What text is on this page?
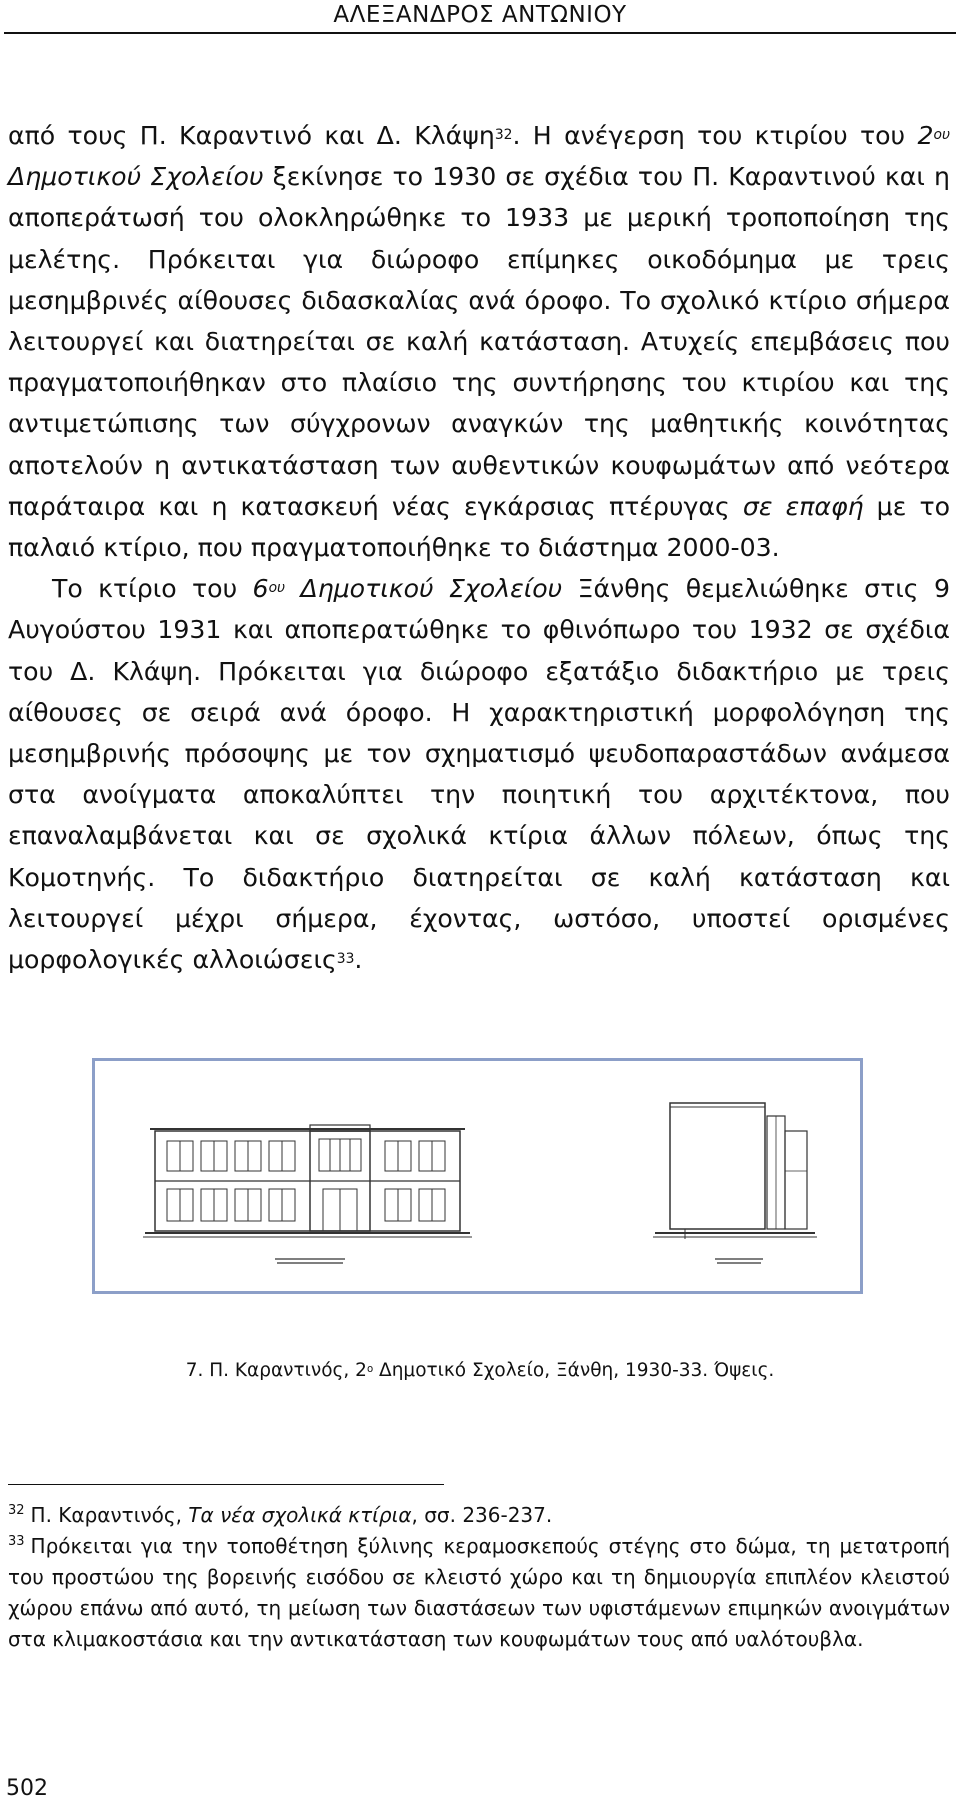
ΑΛΕΞΑΝΔΡΟΣ ΑΝΤΩΝΙΟΥ

από τους Π. Καραντινό και Δ. Κλάψη$^{32}$. Η ανέγερση του κτιρίου του $2^{o\upsilon}$ Δημοτικού Σχολείου ξεκίνησε το 1930 σε σχέδια του Π. Καραντινού και η αποπεράτωσή του ολοκληρώθηκε το 1933 με μερική τροποποίηση της μελέτης. Πρόκειται για διώροφο επίμηκες οικοδόμημα με τρεις μεσημβρινές αίθουσες διδασκαλίας ανά όροφο. Το σχολικό κτίριο σήμερα λειτουργεί και διατηρείται σε καλή κατάσταση. Ατυχείς επεμβάσεις που πραγματοποιήθηκαν στο πλαίσιο της συντήρησης του κτιρίου και της αντιμετώπισης των σύγχρονων αναγκών της μαθητικής κοινότητας αποτελούν η αντικατάσταση των αυθεντικών κουφωμάτων από νεότερα παράταιρα και η κατασκευή νέας εγκάρσιας πτέρυγας σε επαφή με το παλαιό κτίριο, που πραγματοποιήθηκε το διάστημα 2000-03.

Το κτίριο του $6^{o\upsilon}$ Δημοτικού Σχολείου Ξάνθης θεμελιώθηκε στις 9 Αυγούστου 1931 και αποπερατώθηκε το φθινόπωρο του 1932 σε σχέδια του Δ. Κλάψη. Πρόκειται για διώροφο εξατάξιο διδακτήριο με τρεις αίθουσες σε σειρά ανά όροφο. Η χαρακτηριστική μορφολόγηση της μεσημβρινής πρόσοψης με τον σχηματισμό ψευδοπαραστάδων ανάμεσα στα ανοίγματα αποκαλύπτει την ποιητική του αρχιτέκτονα, που επαναλαμβάνεται και σε σχολικά κτίρια άλλων πόλεων, όπως της Κομοτηνής. Το διδακτήριο διατηρείται σε καλή κατάσταση και λειτουργεί μέχρι σήμερα, έχοντας, ωστόσο, υποστεί ορισμένες μορφολογικές αλλοιώσεις$^{33}$.

7. Π. Καραντινός, $2^o$ Δημοτικό Σχολείο, Ξάνθη, 1930-33. Όψεις.

$^{32}$ Π. Καραντινός, Τα νέα σχολικά κτίρια, σσ. 236-237.

$^{33}$ Πρόκειται για την τοποθέτηση ξύλινης κεραμοσκεπούς στέγης στο δώμα, τη μετατροπή του προστώου της βορεινής εισόδου σε κλειστό χώρο και τη δημιουργία επιπλέον κλειστού χώρου επάνω από αυτό, τη μείωση των διαστάσεων των υφιστάμενων επιμηκών ανοιγμάτων στα κλιμακοστάσια και την αντικατάσταση των κουφωμάτων τους από υαλότουβλα.

502
